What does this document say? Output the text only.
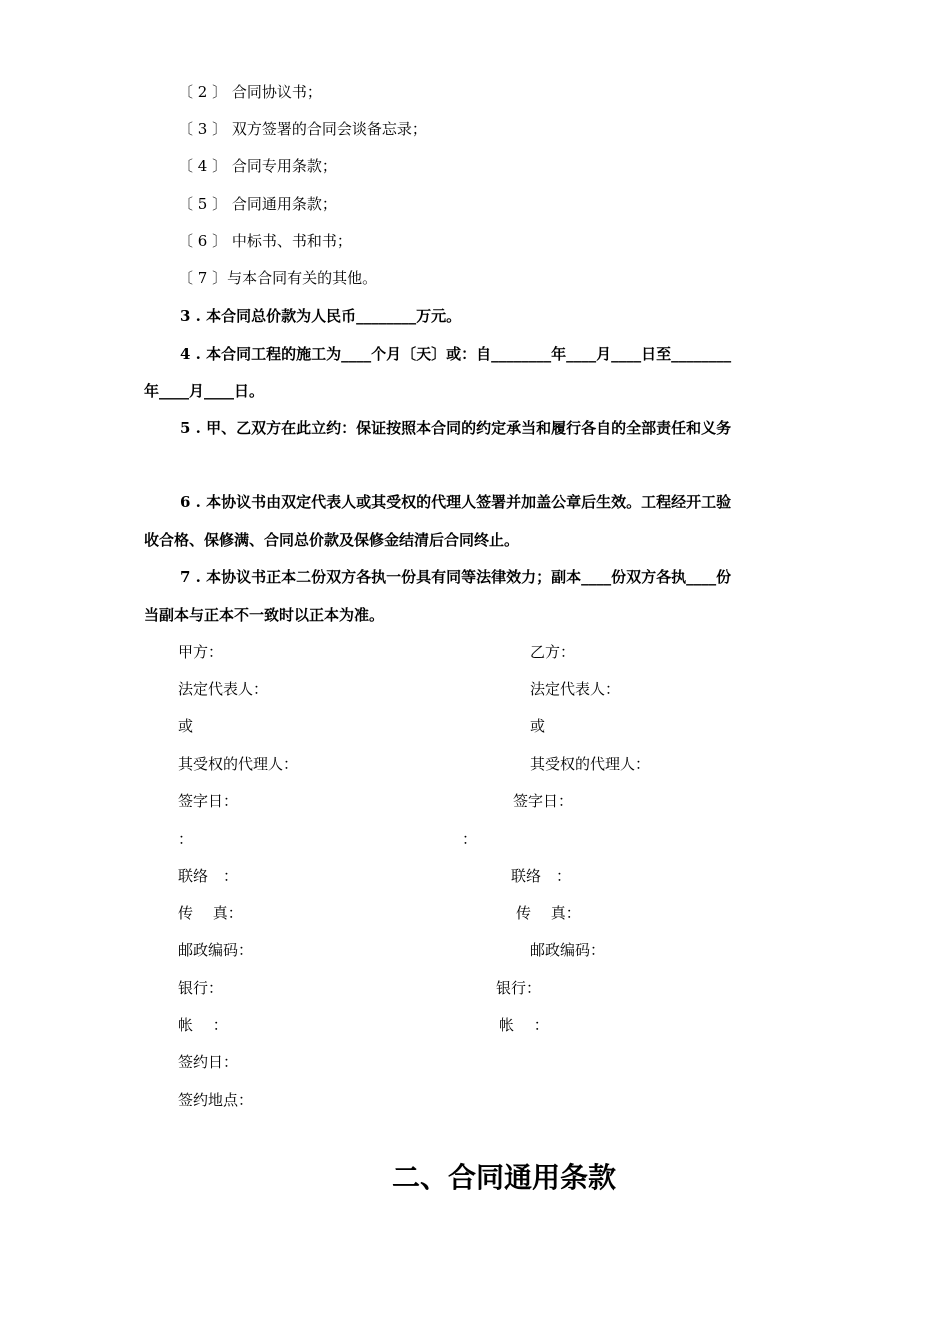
〔 2 〕 合同协议书；
〔 3 〕 双方签署的合同会谈备忘录；
〔 4 〕 合同专用条款；
〔 5 〕 合同通用条款；
〔 6 〕 中标书、书和书；
〔 7 〕与本合同有关的其他。
3 . 本合同总价款为人民币________万元。
4 . 本合同工程的施工为____个月〔天〕或：自________年____月____日至________
年____月____日。
5 . 甲、乙双方在此立约：保证按照本合同的约定承当和履行各自的全部责任和义务
6 . 本协议书由双定代表人或其受权的代理人签署并加盖公章后生效。工程经开工验
收合格、保修满、合同总价款及保修金结清后合同终止。
7 . 本协议书正本二份双方各执一份具有同等法律效力；副本____份双方各执____份
当副本与正本不一致时以正本为准。
甲方：
法定代表人：
或
其受权的代理人：
签字日：
：
联络　：
传　 真：
邮政编码：
银行：
帐　 ：
乙方：
法定代表人：
或
其受权的代理人：
签字日：
：
联络　：
传　 真：
邮政编码：
银行：
帐　 ：
签约日：
签约地点：
二、合同通用条款
